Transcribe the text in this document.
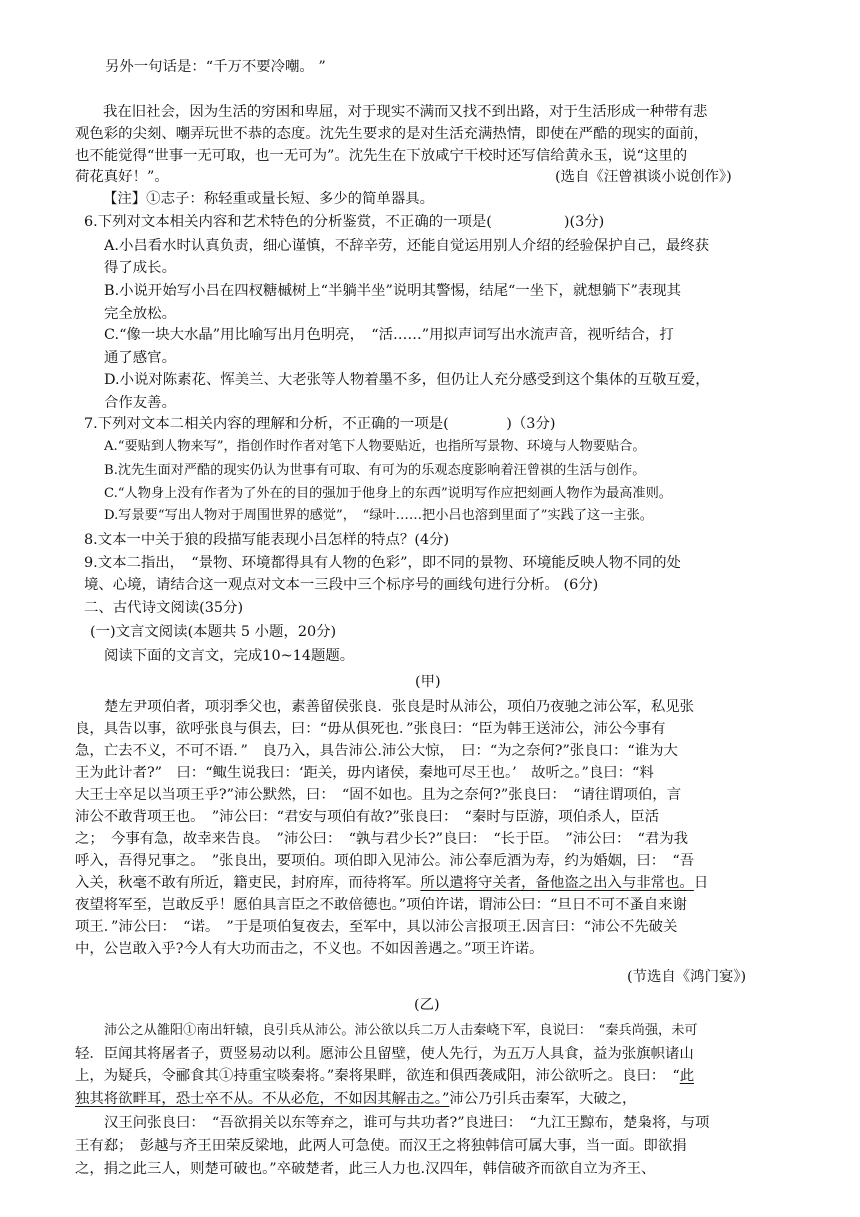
另外一句话是：“千万不要冷嘲。 ”
我在旧社会，因为生活的穷困和卑屈，对于现实不满而又找不到出路，对于生活形成一种带有悲
观色彩的尖刻、嘲弄玩世不恭的态度。沈先生要求的是对生活充满热情，即使在严酷的现实的面前，
也不能觉得“世事一无可取，也一无可为”。沈先生在下放咸宁干校时还写信给黄永玉，说“这里的
荷花真好！”。	(选自《汪曾祺谈小说创作》)
【注】①志子：称轻重或量长短、多少的简单器具。
6.下列对文本相关内容和艺术特色的分析鉴赏，不正确的一项是(　　　　　)(3分)
A.小吕看水时认真负责，细心谨慎，不辞辛劳，还能自觉运用别人介绍的经验保护自己，最终获
得了成长。
B.小说开始写小吕在四杈糖槭树上“半躺半坐”说明其警惕，结尾“一坐下，就想躺下”表现其
完全放松。
C.“像一块大水晶”用比喻写出月色明亮，　“活……”用拟声词写出水流声音，视听结合，打
通了感官。
D.小说对陈素花、恽美兰、大老张等人物着墨不多，但仍让人充分感受到这个集体的互敬互爱，
合作友善。
7.下列对文本二相关内容的理解和分析，不正确的一项是(　　　　)（3分)
A.“要贴到人物来写”，指创作时作者对笔下人物要贴近，也指所写景物、环境与人物要贴合。
B.沈先生面对严酷的现实仍认为世事有可取、有可为的乐观态度影响着汪曾祺的生活与创作。
C.“人物身上没有作者为了外在的目的强加于他身上的东西”说明写作应把刻画人物作为最高准则。
D.写景要“写出人物对于周围世界的感觉”，　“绿叶……把小吕也溶到里面了”实践了这一主张。
8.文本一中关于狼的段描写能表现小吕怎样的特点？(4分)
9.文本二指出，　“景物、环境都得具有人物的色彩”，即不同的景物、环境能反映人物不同的处
境、心境，请结合这一观点对文本一三段中三个标序号的画线句进行分析。 (6分)
二、古代诗文阅读(35分)
(一)文言文阅读(本题共 5 小题，20分)
阅读下面的文言文，完成10~14题题。
(甲)
楚左尹项伯者，项羽季父也，素善留侯张良．张良是时从沛公，项伯乃夜驰之沛公军，私见张
良，具告以事，欲呼张良与俱去，曰：“毋从俱死也．”张良曰：“臣为韩王送沛公，沛公今事有
急，亡去不义，不可不语．”　良乃入，具告沛公.沛公大惊，　曰：“为之奈何?”张良口：“谁为大
王为此计者?”　曰：“鲰生说我曰：‘距关，毋内诸侯，秦地可尽王也。’　故听之。”良曰：“料
大王士卒足以当项王乎?”沛公默然，曰：　“固不如也。且为之奈何?”张良曰：　“请往谓项伯，言
沛公不敢背项王也。　”沛公曰：“君安与项伯有故?”张良曰：　“秦时与臣游，项伯杀人，臣活
之；　今事有急，故幸来告良。　”沛公曰：　“孰与君少长?”良曰：　“长于臣。　”沛公曰：　“君为我
呼入，吾得兄事之。　”张良出，要项伯。项伯即入见沛公。沛公奉卮酒为寿，约为婚姻，曰：　“吾
入关，秋毫不敢有所近，籍吏民，封府库，而待将军。所以遣将守关者，备他盗之出入与非常也。日
夜望将军至，岂敢反乎！愿伯具言臣之不敢倍德也。”项伯许诺，谓沛公曰：“旦日不可不蚤自来谢
项王．”沛公曰：　“诺。　”于是项伯复夜去，至军中，具以沛公言报项王.因言曰：“沛公不先破关
中，公岂敢入乎?今人有大功而击之，不义也。不如因善遇之。”项王许诺。
(节选自《鸿门宴》)
(乙)
沛公之从雒阳①南出轩辕，良引兵从沛公。沛公欲以兵二万人击秦峣下军，良说曰：　“秦兵尚强，未可
轻．臣闻其将屠者子，贾竖易动以利。愿沛公且留壁，使人先行，为五万人具食，益为张旗帜诸山
上，为疑兵，令郦食其①持重宝啖秦将。”秦将果畔，欲连和俱西袭咸阳，沛公欲听之。良曰：　“此
独其将欲畔耳，恐士卒不从。不从必危，不如因其解击之。”沛公乃引兵击秦军，大破之，
汉王问张良曰：　“吾欲捐关以东等弃之，谁可与共功者?”良进曰：　“九江王黥布，楚枭将，与项
王有郄；　彭越与齐王田荣反梁地，此两人可急使。而汉王之将独韩信可属大事，当一面。即欲捐
之，捐之此三人，则楚可破也。”卒破楚者，此三人力也.汉四年，韩信破齐而欲自立为齐王、
